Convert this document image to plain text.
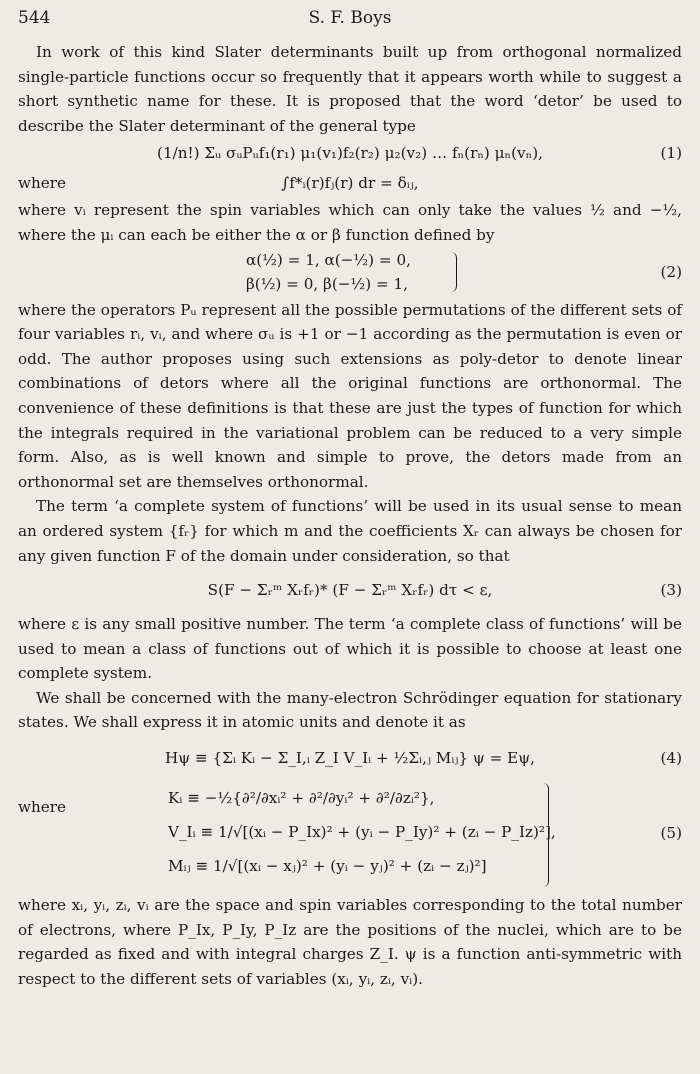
544	S. F. Boys

In work of this kind Slater determinants built up from orthogonal normalized single-particle functions occur so frequently that it appears worth while to suggest a short synthetic name for these. It is proposed that the word ‘detor’ be used to describe the Slater determinant of the general type

(1/n!) Σᵤ σᵤPᵤf₁(r₁) μ₁(v₁)f₂(r₂) μ₂(v₂) … fₙ(rₙ) μₙ(vₙ),	(1)
where	∫f*ᵢ(r)fⱼ(r) dr = δᵢⱼ,

where vᵢ represent the spin variables which can only take the values ½ and −½, where the μᵢ can each be either the α or β function defined by

α(½) = 1, α(−½) = 0,
β(½) = 0, β(−½) = 1,
(2)

where the operators Pᵤ represent all the possible permutations of the different sets of four variables rᵢ, vᵢ, and where σᵤ is +1 or −1 according as the permutation is even or odd. The author proposes using such extensions as poly-detor to denote linear combinations of detors where all the original functions are orthonormal. The convenience of these definitions is that these are just the types of function for which the integrals required in the variational problem can be reduced to a very simple form. Also, as is well known and simple to prove, the detors made from an orthonormal set are themselves orthonormal.

The term ‘a complete system of functions’ will be used in its usual sense to mean an ordered system {fᵣ} for which m and the coefficients Xᵣ can always be chosen for any given function F of the domain under consideration, so that

S(F − Σᵣᵐ Xᵣfᵣ)* (F − Σᵣᵐ Xᵣfᵣ) dτ < ε,	(3)

where ε is any small positive number. The term ‘a complete class of functions’ will be used to mean a class of functions out of which it is possible to choose at least one complete system.

We shall be concerned with the many-electron Schrödinger equation for stationary states. We shall express it in atomic units and denote it as

Hψ ≡ {Σᵢ Kᵢ − Σ_I,ᵢ Z_I V_Iᵢ + ½Σᵢ,ⱼ Mᵢⱼ} ψ = Eψ,	(4)
where	Kᵢ ≡ −½{∂²/∂xᵢ² + ∂²/∂yᵢ² + ∂²/∂zᵢ²},
V_Iᵢ ≡ 1/√[(xᵢ − P_Ix)² + (yᵢ − P_Iy)² + (zᵢ − P_Iz)²],
Mᵢⱼ ≡ 1/√[(xᵢ − xⱼ)² + (yᵢ − yⱼ)² + (zᵢ − zⱼ)²]
(5)

where xᵢ, yᵢ, zᵢ, vᵢ are the space and spin variables corresponding to the total number of electrons, where P_Ix, P_Iy, P_Iz are the positions of the nuclei, which are to be regarded as fixed and with integral charges Z_I. ψ is a function anti-symmetric with respect to the different sets of variables (xᵢ, yᵢ, zᵢ, vᵢ).
